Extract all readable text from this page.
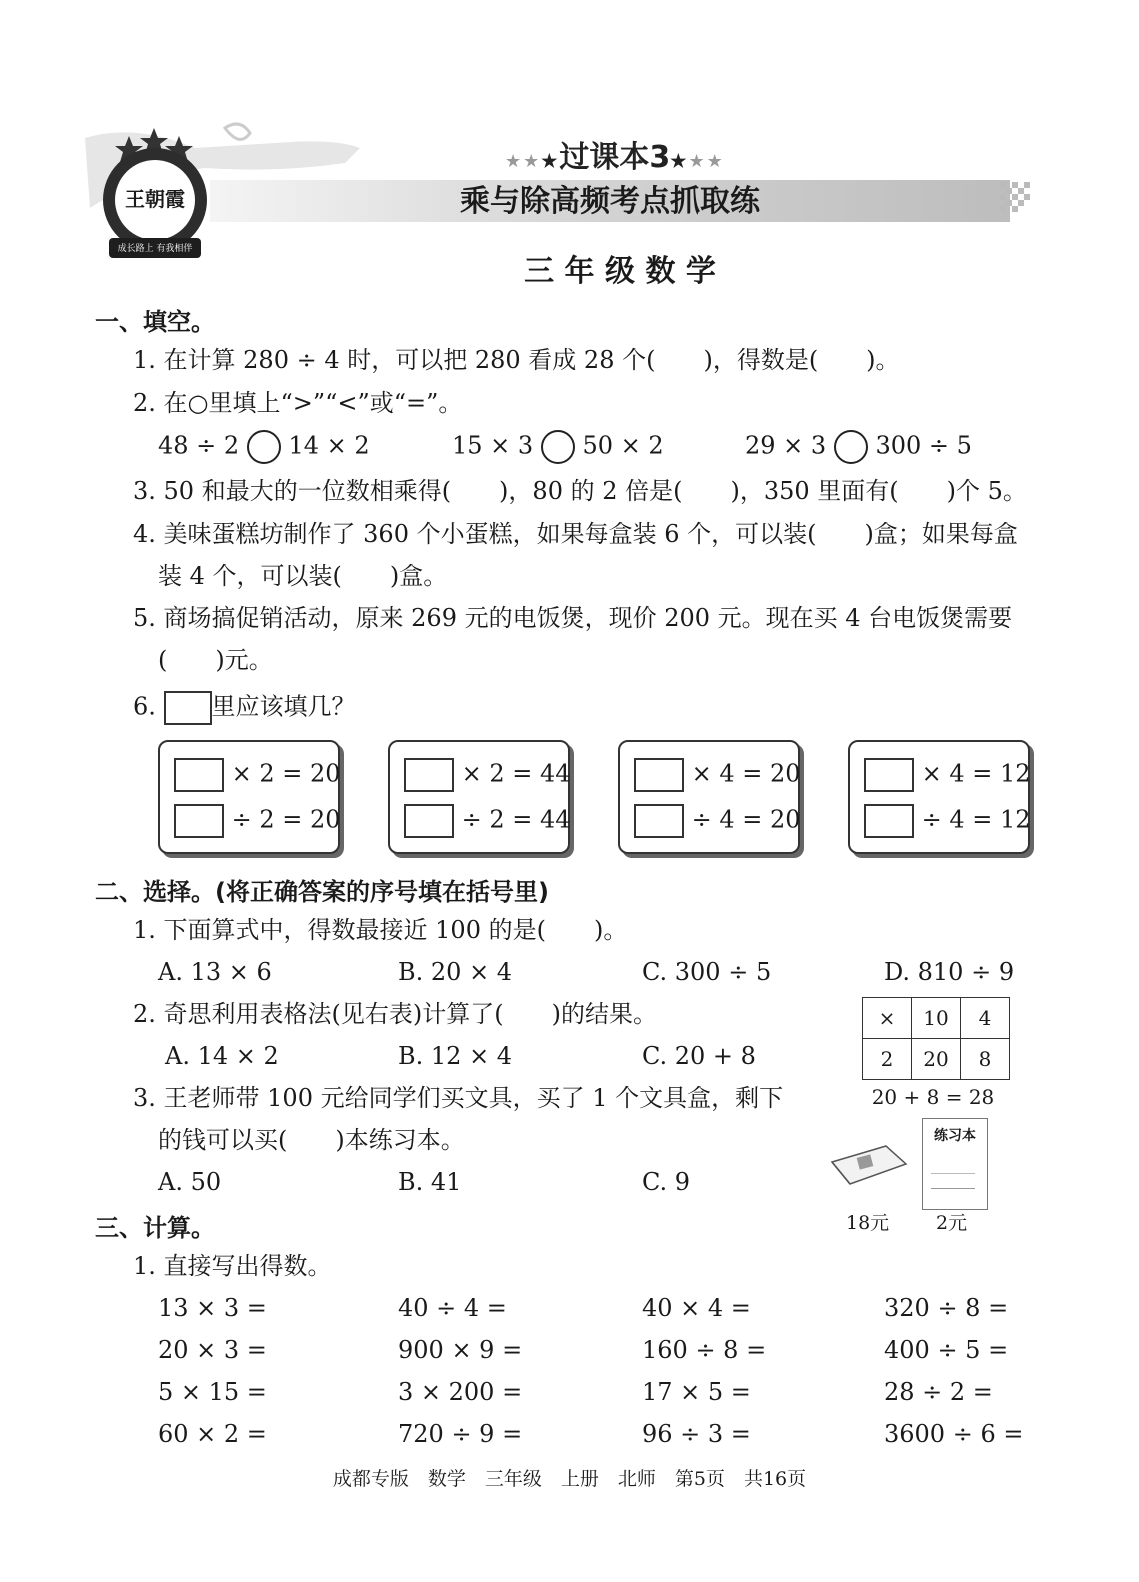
王朝霞
成长路上 有我相伴
★★★过课本3★★★
乘与除高频考点抓取练
三 年 级 数 学
一、填空。
1. 在计算 280 ÷ 4 时，可以把 280 看成 28 个(　　)，得数是(　　)。
2. 在○里填上“>”“<”或“=”。
48 ÷ 2 14 × 2	15 × 3 50 × 2	29 × 3 300 ÷ 5
3. 50 和最大的一位数相乘得(　　)，80 的 2 倍是(　　)，350 里面有(　　)个 5。
4. 美味蛋糕坊制作了 360 个小蛋糕，如果每盒装 6 个，可以装(　　)盒；如果每盒
装 4 个，可以装(　　)盒。
5. 商场搞促销活动，原来 269 元的电饭煲，现价 200 元。现在买 4 台电饭煲需要
(　　)元。
6. 里应该填几？
× 2 = 20
÷ 2 = 20
× 2 = 44
÷ 2 = 44
× 4 = 20
÷ 4 = 20
× 4 = 12
÷ 4 = 12
二、选择。(将正确答案的序号填在括号里)
1. 下面算式中，得数最接近 100 的是(　　)。
A. 13 × 6	B. 20 × 4	C. 300 ÷ 5	D. 810 ÷ 9
2. 奇思利用表格法(见右表)计算了(　　)的结果。
A. 14 × 2	B. 12 × 4	C. 20 + 8
×	10	4
2	20	8
20 + 8 = 28
3. 王老师带 100 元给同学们买文具，买了 1 个文具盒，剩下
的钱可以买(　　)本练习本。
A. 50	B. 41	C. 9
练习本
18元 2元
三、计算。
1. 直接写出得数。
13 × 3 =	40 ÷ 4 =	40 × 4 =	320 ÷ 8 =
20 × 3 =	900 × 9 =	160 ÷ 8 =	400 ÷ 5 =
5 × 15 =	3 × 200 =	17 × 5 =	28 ÷ 2 =
60 × 2 =	720 ÷ 9 =	96 ÷ 3 =	3600 ÷ 6 =
成都专版　数学　三年级　上册　北师　第5页　共16页
